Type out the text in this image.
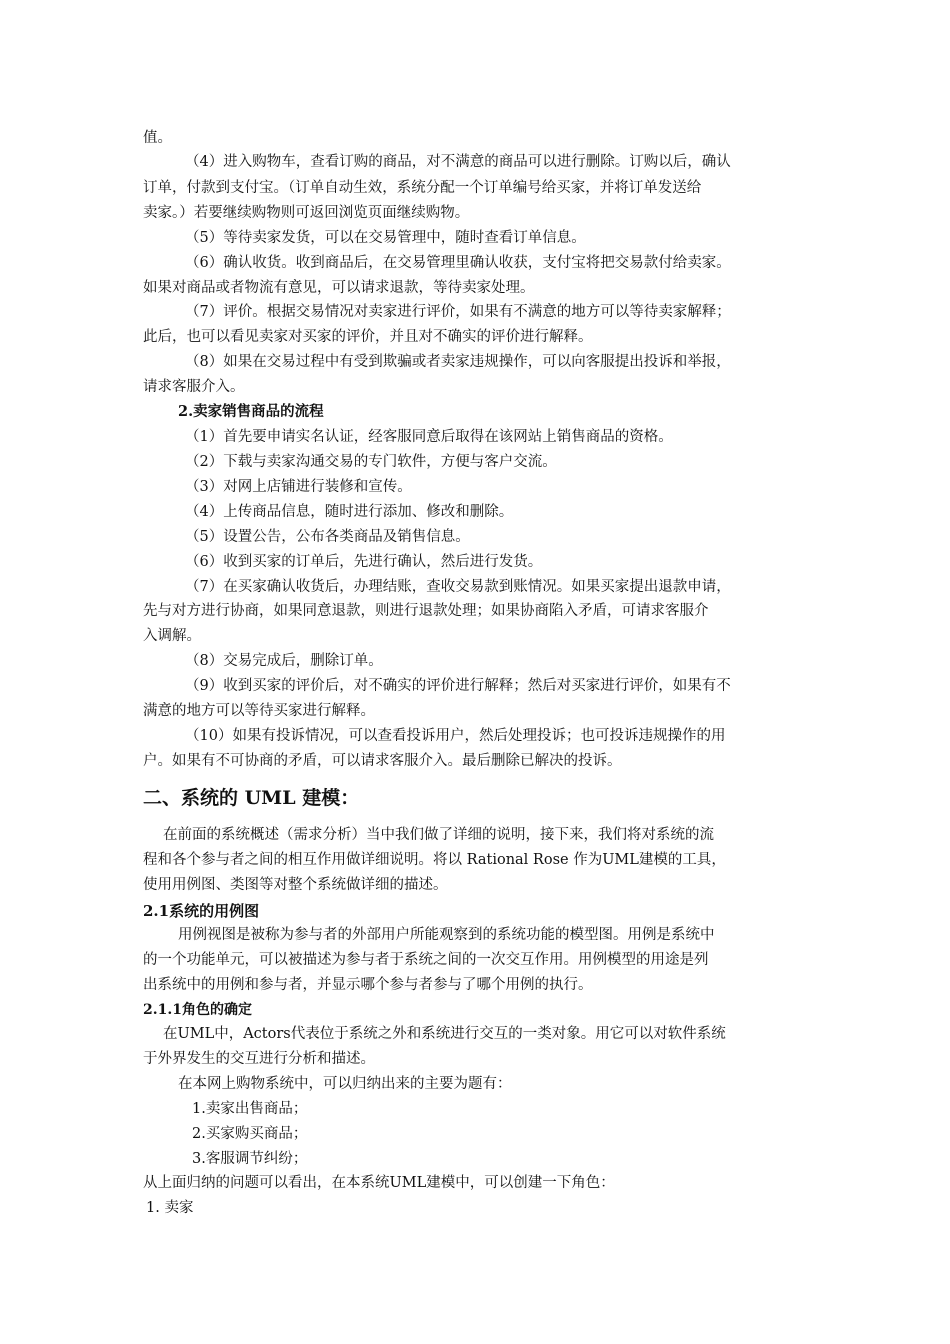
值。
（4）进入购物车，查看订购的商品，对不满意的商品可以进行删除。订购以后，确认
订单，付款到支付宝。（订单自动生效，系统分配一个订单编号给买家，并将订单发送给
卖家。）若要继续购物则可返回浏览页面继续购物。
（5）等待卖家发货，可以在交易管理中，随时查看订单信息。
（6）确认收货。收到商品后，在交易管理里确认收获，支付宝将把交易款付给卖家。
如果对商品或者物流有意见，可以请求退款，等待卖家处理。
（7）评价。根据交易情况对卖家进行评价，如果有不满意的地方可以等待卖家解释；
此后，也可以看见卖家对买家的评价，并且对不确实的评价进行解释。
（8）如果在交易过程中有受到欺骗或者卖家违规操作，可以向客服提出投诉和举报，
请求客服介入。
2.卖家销售商品的流程
（1）首先要申请实名认证，经客服同意后取得在该网站上销售商品的资格。
（2）下载与卖家沟通交易的专门软件，方便与客户交流。
（3）对网上店铺进行装修和宣传。
（4）上传商品信息，随时进行添加、修改和删除。
（5）设置公告，公布各类商品及销售信息。
（6）收到买家的订单后，先进行确认，然后进行发货。
（7）在买家确认收货后，办理结账，查收交易款到账情况。如果买家提出退款申请，
先与对方进行协商，如果同意退款，则进行退款处理；如果协商陷入矛盾，可请求客服介
入调解。
（8）交易完成后，删除订单。
（9）收到买家的评价后，对不确实的评价进行解释；然后对买家进行评价，如果有不
满意的地方可以等待买家进行解释。
（10）如果有投诉情况，可以查看投诉用户，然后处理投诉；也可投诉违规操作的用
户。如果有不可协商的矛盾，可以请求客服介入。最后删除已解决的投诉。
二、系统的 UML 建模：
在前面的系统概述（需求分析）当中我们做了详细的说明，接下来，我们将对系统的流
程和各个参与者之间的相互作用做详细说明。将以 Rational Rose 作为UML建模的工具，
使用用例图、类图等对整个系统做详细的描述。
2.1系统的用例图
用例视图是被称为参与者的外部用户所能观察到的系统功能的模型图。用例是系统中
的一个功能单元，可以被描述为参与者于系统之间的一次交互作用。用例模型的用途是列
出系统中的用例和参与者，并显示哪个参与者参与了哪个用例的执行。
2.1.1角色的确定
在UML中，Actors代表位于系统之外和系统进行交互的一类对象。用它可以对软件系统
于外界发生的交互进行分析和描述。
在本网上购物系统中，可以归纳出来的主要为题有：
1.卖家出售商品；
2.买家购买商品；
3.客服调节纠纷；
从上面归纳的问题可以看出，在本系统UML建模中，可以创建一下角色：
1. 卖家
